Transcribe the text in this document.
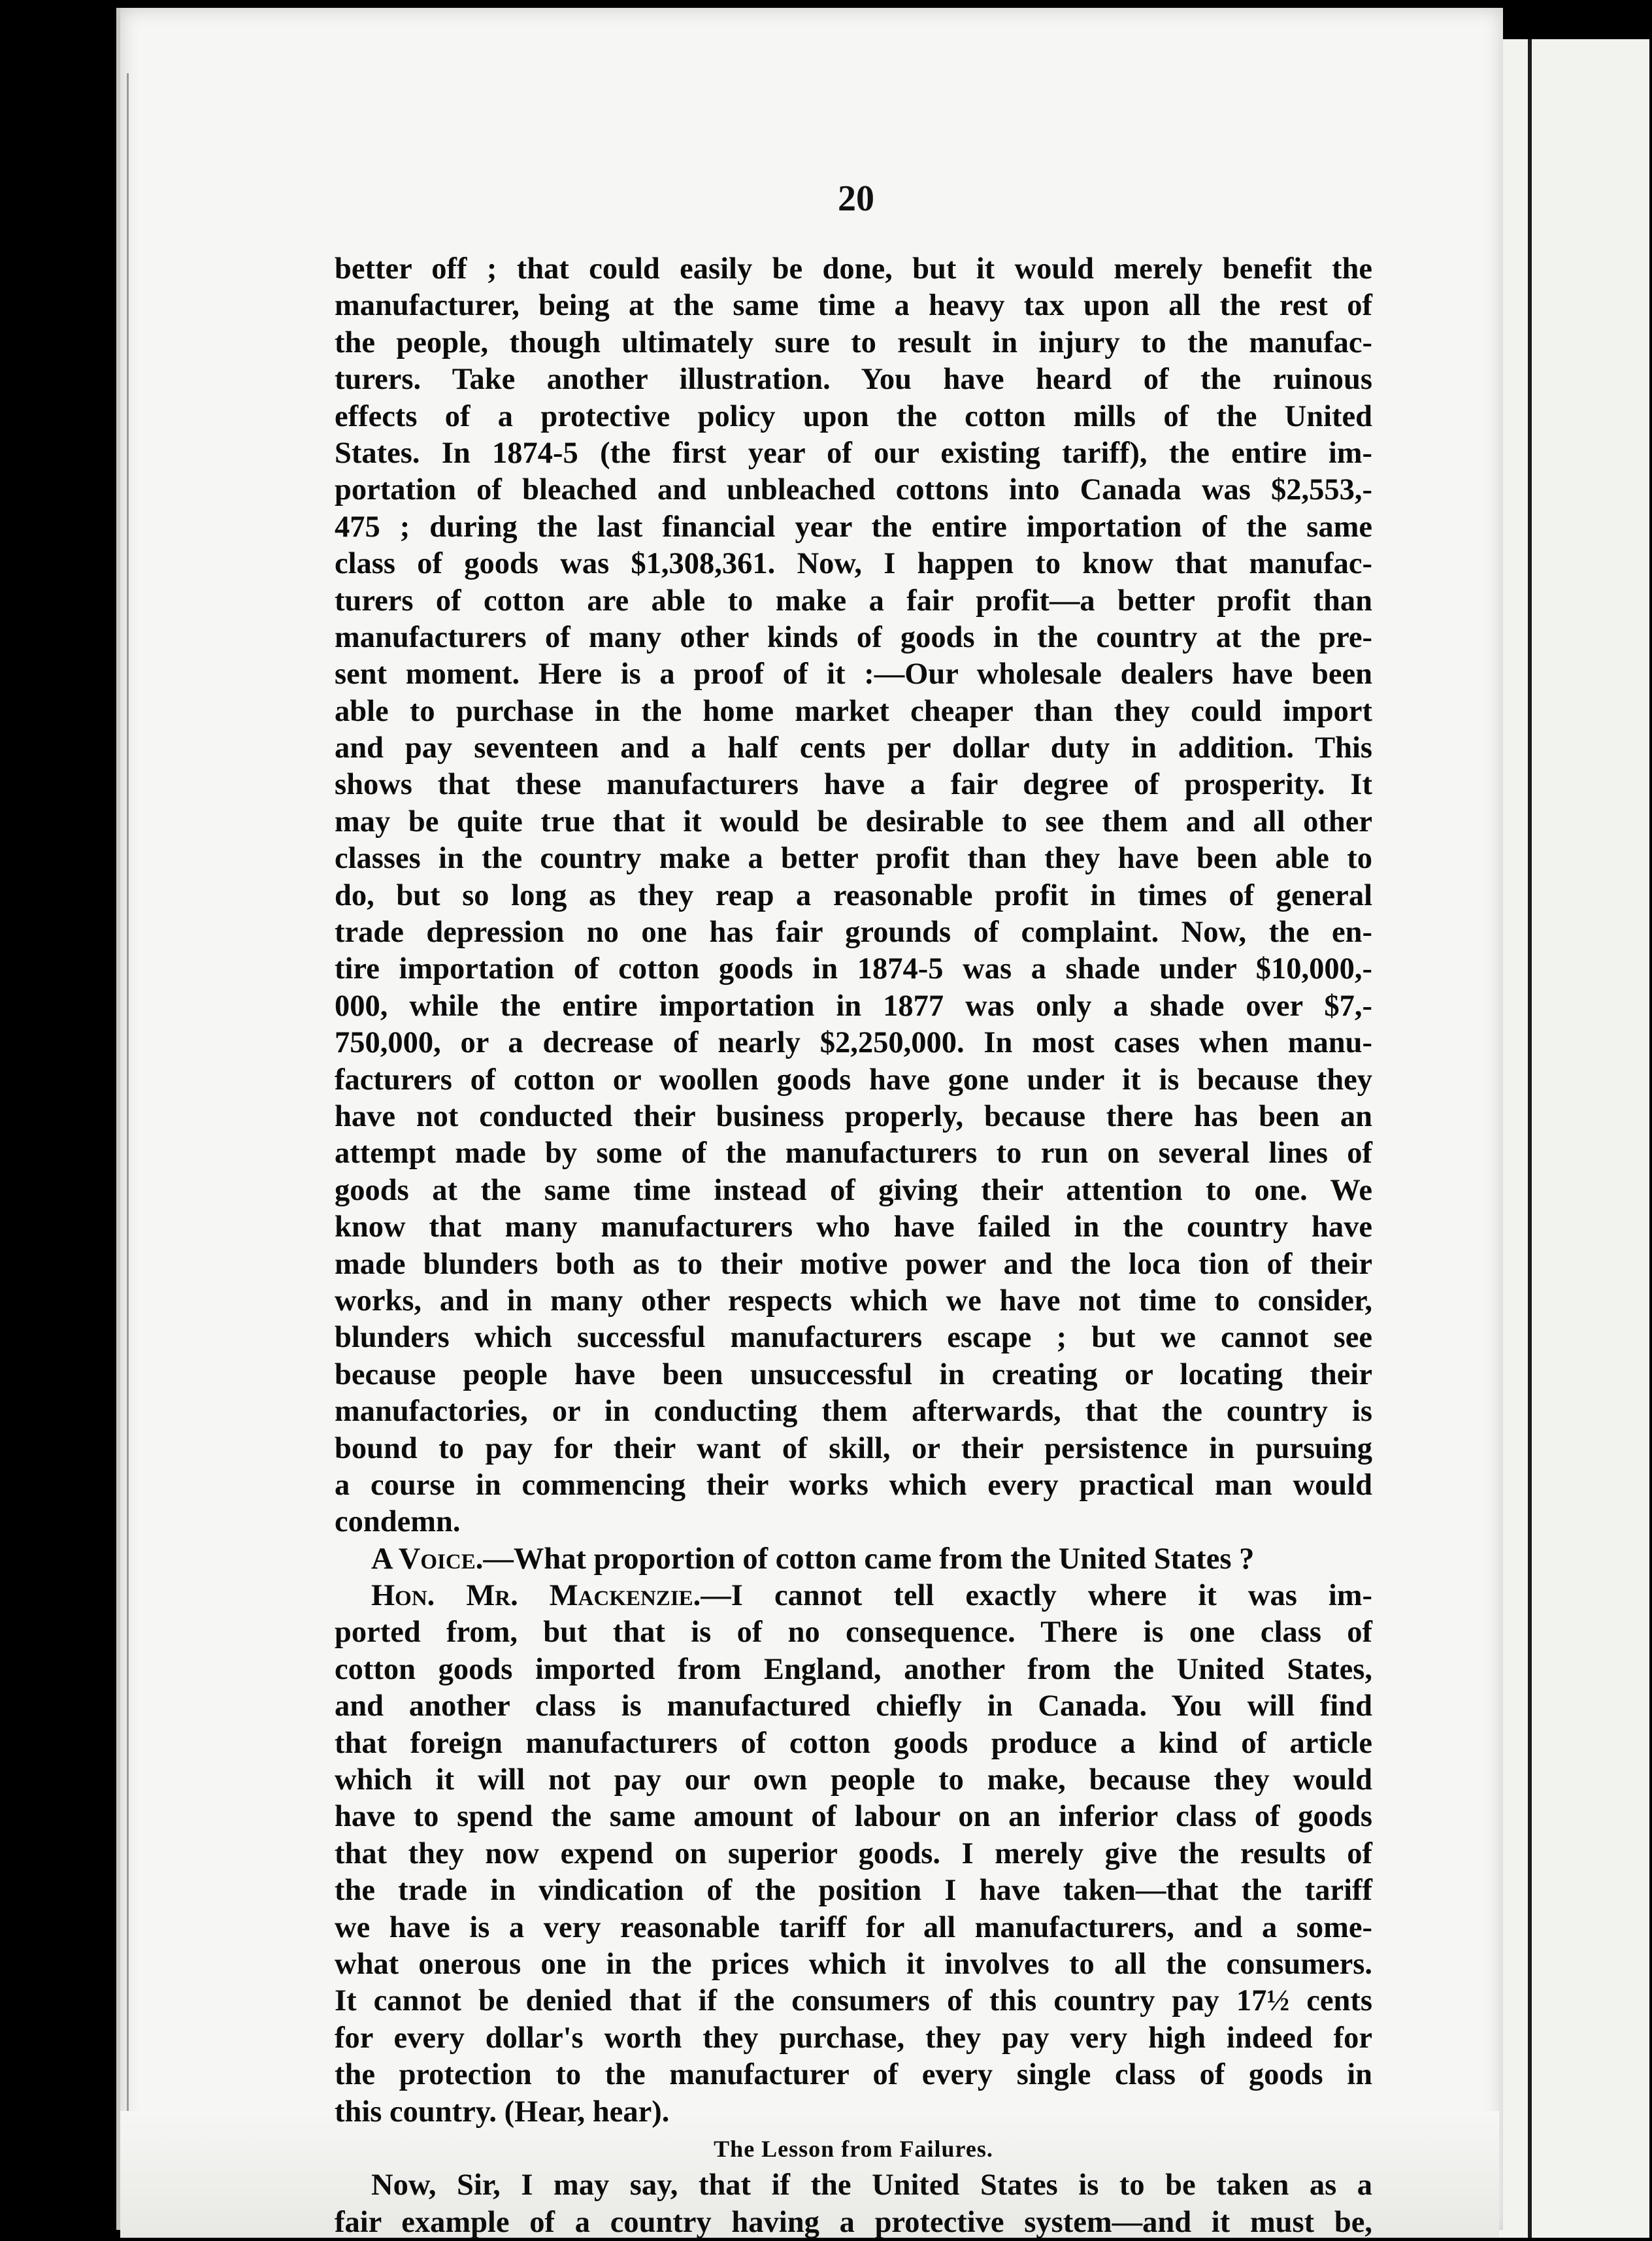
20
better off ; that could easily be done, but it would merely benefit the
manufacturer, being at the same time a heavy tax upon all the rest of
the people, though ultimately sure to result in injury to the manufac-
turers. Take another illustration. You have heard of the ruinous
effects of a protective policy upon the cotton mills of the United
States. In 1874-5 (the first year of our existing tariff), the entire im-
portation of bleached and unbleached cottons into Canada was $2,553,-
475 ; during the last financial year the entire importation of the same
class of goods was $1,308,361. Now, I happen to know that manufac-
turers of cotton are able to make a fair profit—a better profit than
manufacturers of many other kinds of goods in the country at the pre-
sent moment. Here is a proof of it :—Our wholesale dealers have been
able to purchase in the home market cheaper than they could import
and pay seventeen and a half cents per dollar duty in addition. This
shows that these manufacturers have a fair degree of prosperity. It
may be quite true that it would be desirable to see them and all other
classes in the country make a better profit than they have been able to
do, but so long as they reap a reasonable profit in times of general
trade depression no one has fair grounds of complaint. Now, the en-
tire importation of cotton goods in 1874-5 was a shade under $10,000,-
000, while the entire importation in 1877 was only a shade over $7,-
750,000, or a decrease of nearly $2,250,000. In most cases when manu-
facturers of cotton or woollen goods have gone under it is because they
have not conducted their business properly, because there has been an
attempt made by some of the manufacturers to run on several lines of
goods at the same time instead of giving their attention to one. We
know that many manufacturers who have failed in the country have
made blunders both as to their motive power and the loca tion of their
works, and in many other respects which we have not time to consider,
blunders which successful manufacturers escape ; but we cannot see
because people have been unsuccessful in creating or locating their
manufactories, or in conducting them afterwards, that the country is
bound to pay for their want of skill, or their persistence in pursuing
a course in commencing their works which every practical man would
condemn.
A Voice.—What proportion of cotton came from the United States ?
Hon. Mr. Mackenzie.—I cannot tell exactly where it was im-
ported from, but that is of no consequence. There is one class of
cotton goods imported from England, another from the United States,
and another class is manufactured chiefly in Canada. You will find
that foreign manufacturers of cotton goods produce a kind of article
which it will not pay our own people to make, because they would
have to spend the same amount of labour on an inferior class of goods
that they now expend on superior goods. I merely give the results of
the trade in vindication of the position I have taken—that the tariff
we have is a very reasonable tariff for all manufacturers, and a some-
what onerous one in the prices which it involves to all the consumers.
It cannot be denied that if the consumers of this country pay 17½ cents
for every dollar's worth they purchase, they pay very high indeed for
the protection to the manufacturer of every single class of goods in
this country. (Hear, hear).
The Lesson from Failures.
Now, Sir, I may say, that if the United States is to be taken as a
fair example of a country having a protective system—and it must be,
